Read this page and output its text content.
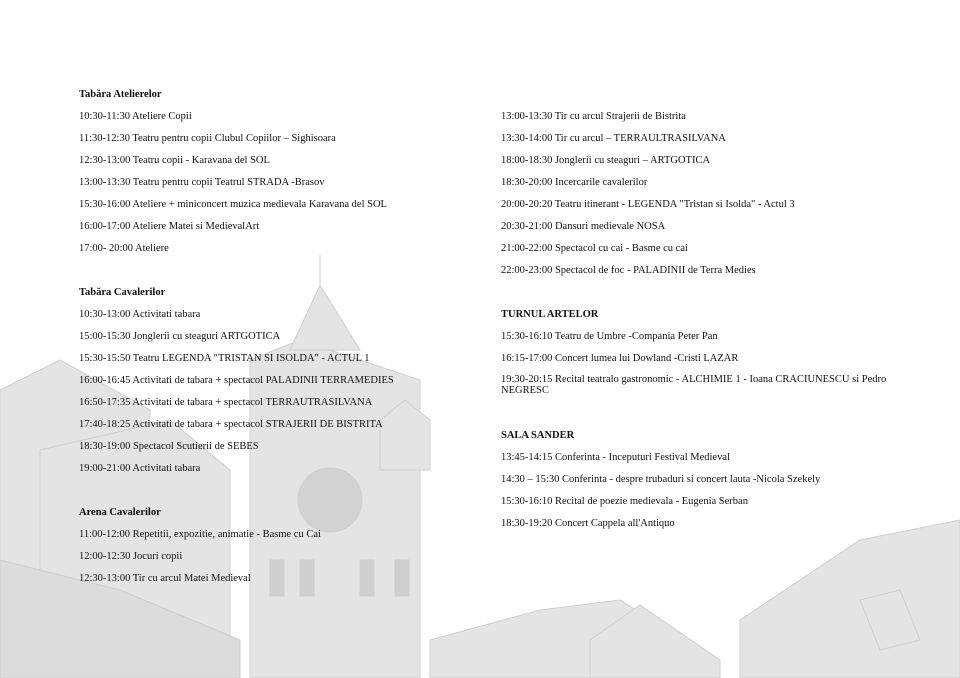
Tabăra Atelierelor
10:30-11:30 Ateliere Copii
11:30-12:30 Teatru pentru copii Clubul Copiilor – Sighisoara
12:30-13:00 Teatru copii - Karavana del SOL
13:00-13:30 Teatru pentru copii Teatrul STRADA -Brasov
15:30-16:00 Ateliere + miniconcert muzica medievala Karavana del SOL
16:00-17:00 Ateliere Matei si MedievalArt
17:00- 20:00 Ateliere
Tabăra Cavalerilor
10:30-13:00 Activitati tabara
15:00-15:30 Jonglerii cu steaguri ARTGOTICA
15:30-15:50 Teatru LEGENDA "TRISTAN SI ISOLDA" - ACTUL 1
16:00-16:45 Activitati de tabara + spectacol PALADINII TERRAMEDIES
16:50-17:35 Activitati de tabara + spectacol TERRAUTRASILVANA
17:40-18:25 Activitati de tabara + spectacol STRAJERII DE BISTRITA
18:30-19:00 Spectacol Scutierii de SEBES
19:00-21:00 Activitati tabara
Arena Cavalerilor
11:00-12:00 Repetitii, expozitie, animatie - Basme cu Cai
12:00-12:30 Jocuri copii
12:30-13:00 Tir cu arcul Matei Medieval
13:00-13:30 Tir cu arcul Strajerii de Bistrita
13:30-14:00 Tir cu arcul – TERRAULTRASILVANA
18:00-18:30 Jonglerii cu steaguri – ARTGOTICA
18:30-20:00 Incercarile cavalerilor
20:00-20:20 Teatru itinerant - LEGENDA "Tristan si Isolda" - Actul 3
20:30-21:00 Dansuri medievale NOSA
21:00-22:00 Spectacol cu cai - Basme cu cai
22:00-23:00 Spectacol de foc - PALADINII de Terra Medies
TURNUL ARTELOR
15:30-16:10 Teatru de Umbre -Compania Peter Pan
16:15-17:00 Concert lumea lui Dowland -Cristi LAZAR
19:30-20:15 Recital teatralo gastronomic - ALCHIMIE 1 - Ioana CRACIUNESCU si Pedro NEGRESC
SALA SANDER
13:45-14:15 Conferinta - Inceputuri Festival Medieval
14:30 – 15:30 Conferinta - despre trubaduri si concert lauta -Nicola Szekely
15:30-16:10 Recital de poezie medievala - Eugenia Serban
18:30-19:20 Concert Cappela all'Antiquo
